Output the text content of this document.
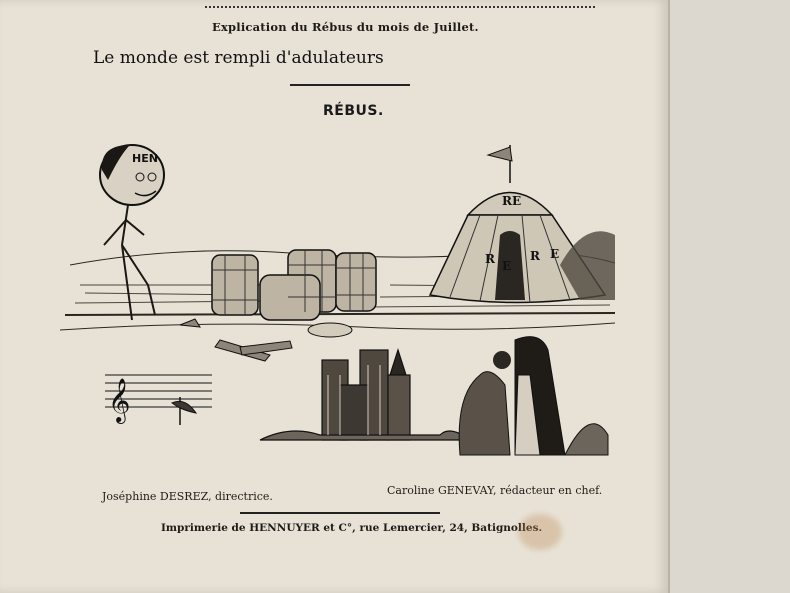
Explication du Rébus du mois de Juillet.
Le monde est rempli d'adulateurs
RÉBUS.
HEN
RE
R E
R E
𝄞
Joséphine DESREZ, directrice.	Caroline GENEVAY, rédacteur en chef.
Imprimerie de HENNUYER et C°, rue Lemercier, 24, Batignolles.
